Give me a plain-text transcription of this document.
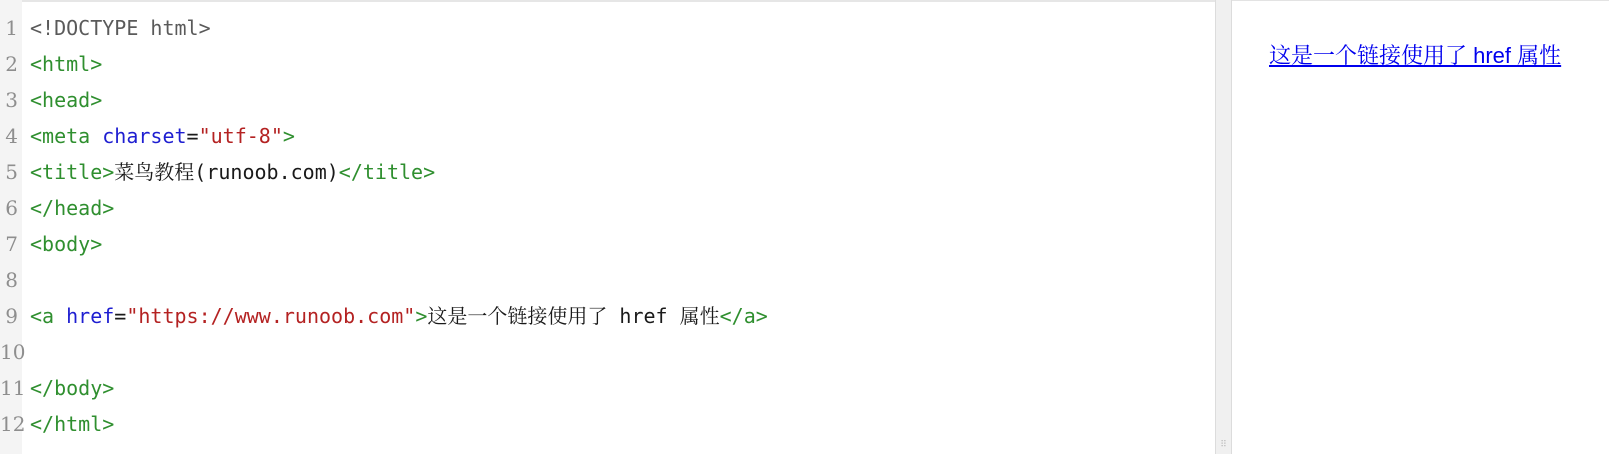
1 <!DOCTYPE html>
2 <html>
3 <head>
4 <meta charset="utf-8">
5 <title>菜鸟教程(runoob.com)</title>
6 </head>
7 <body>
8
9 <a href="https://www.runoob.com">这是一个链接使用了 href 属性</a>
10
11 </body>
12 </html>
⠿
这是一个链接使用了 href 属性
